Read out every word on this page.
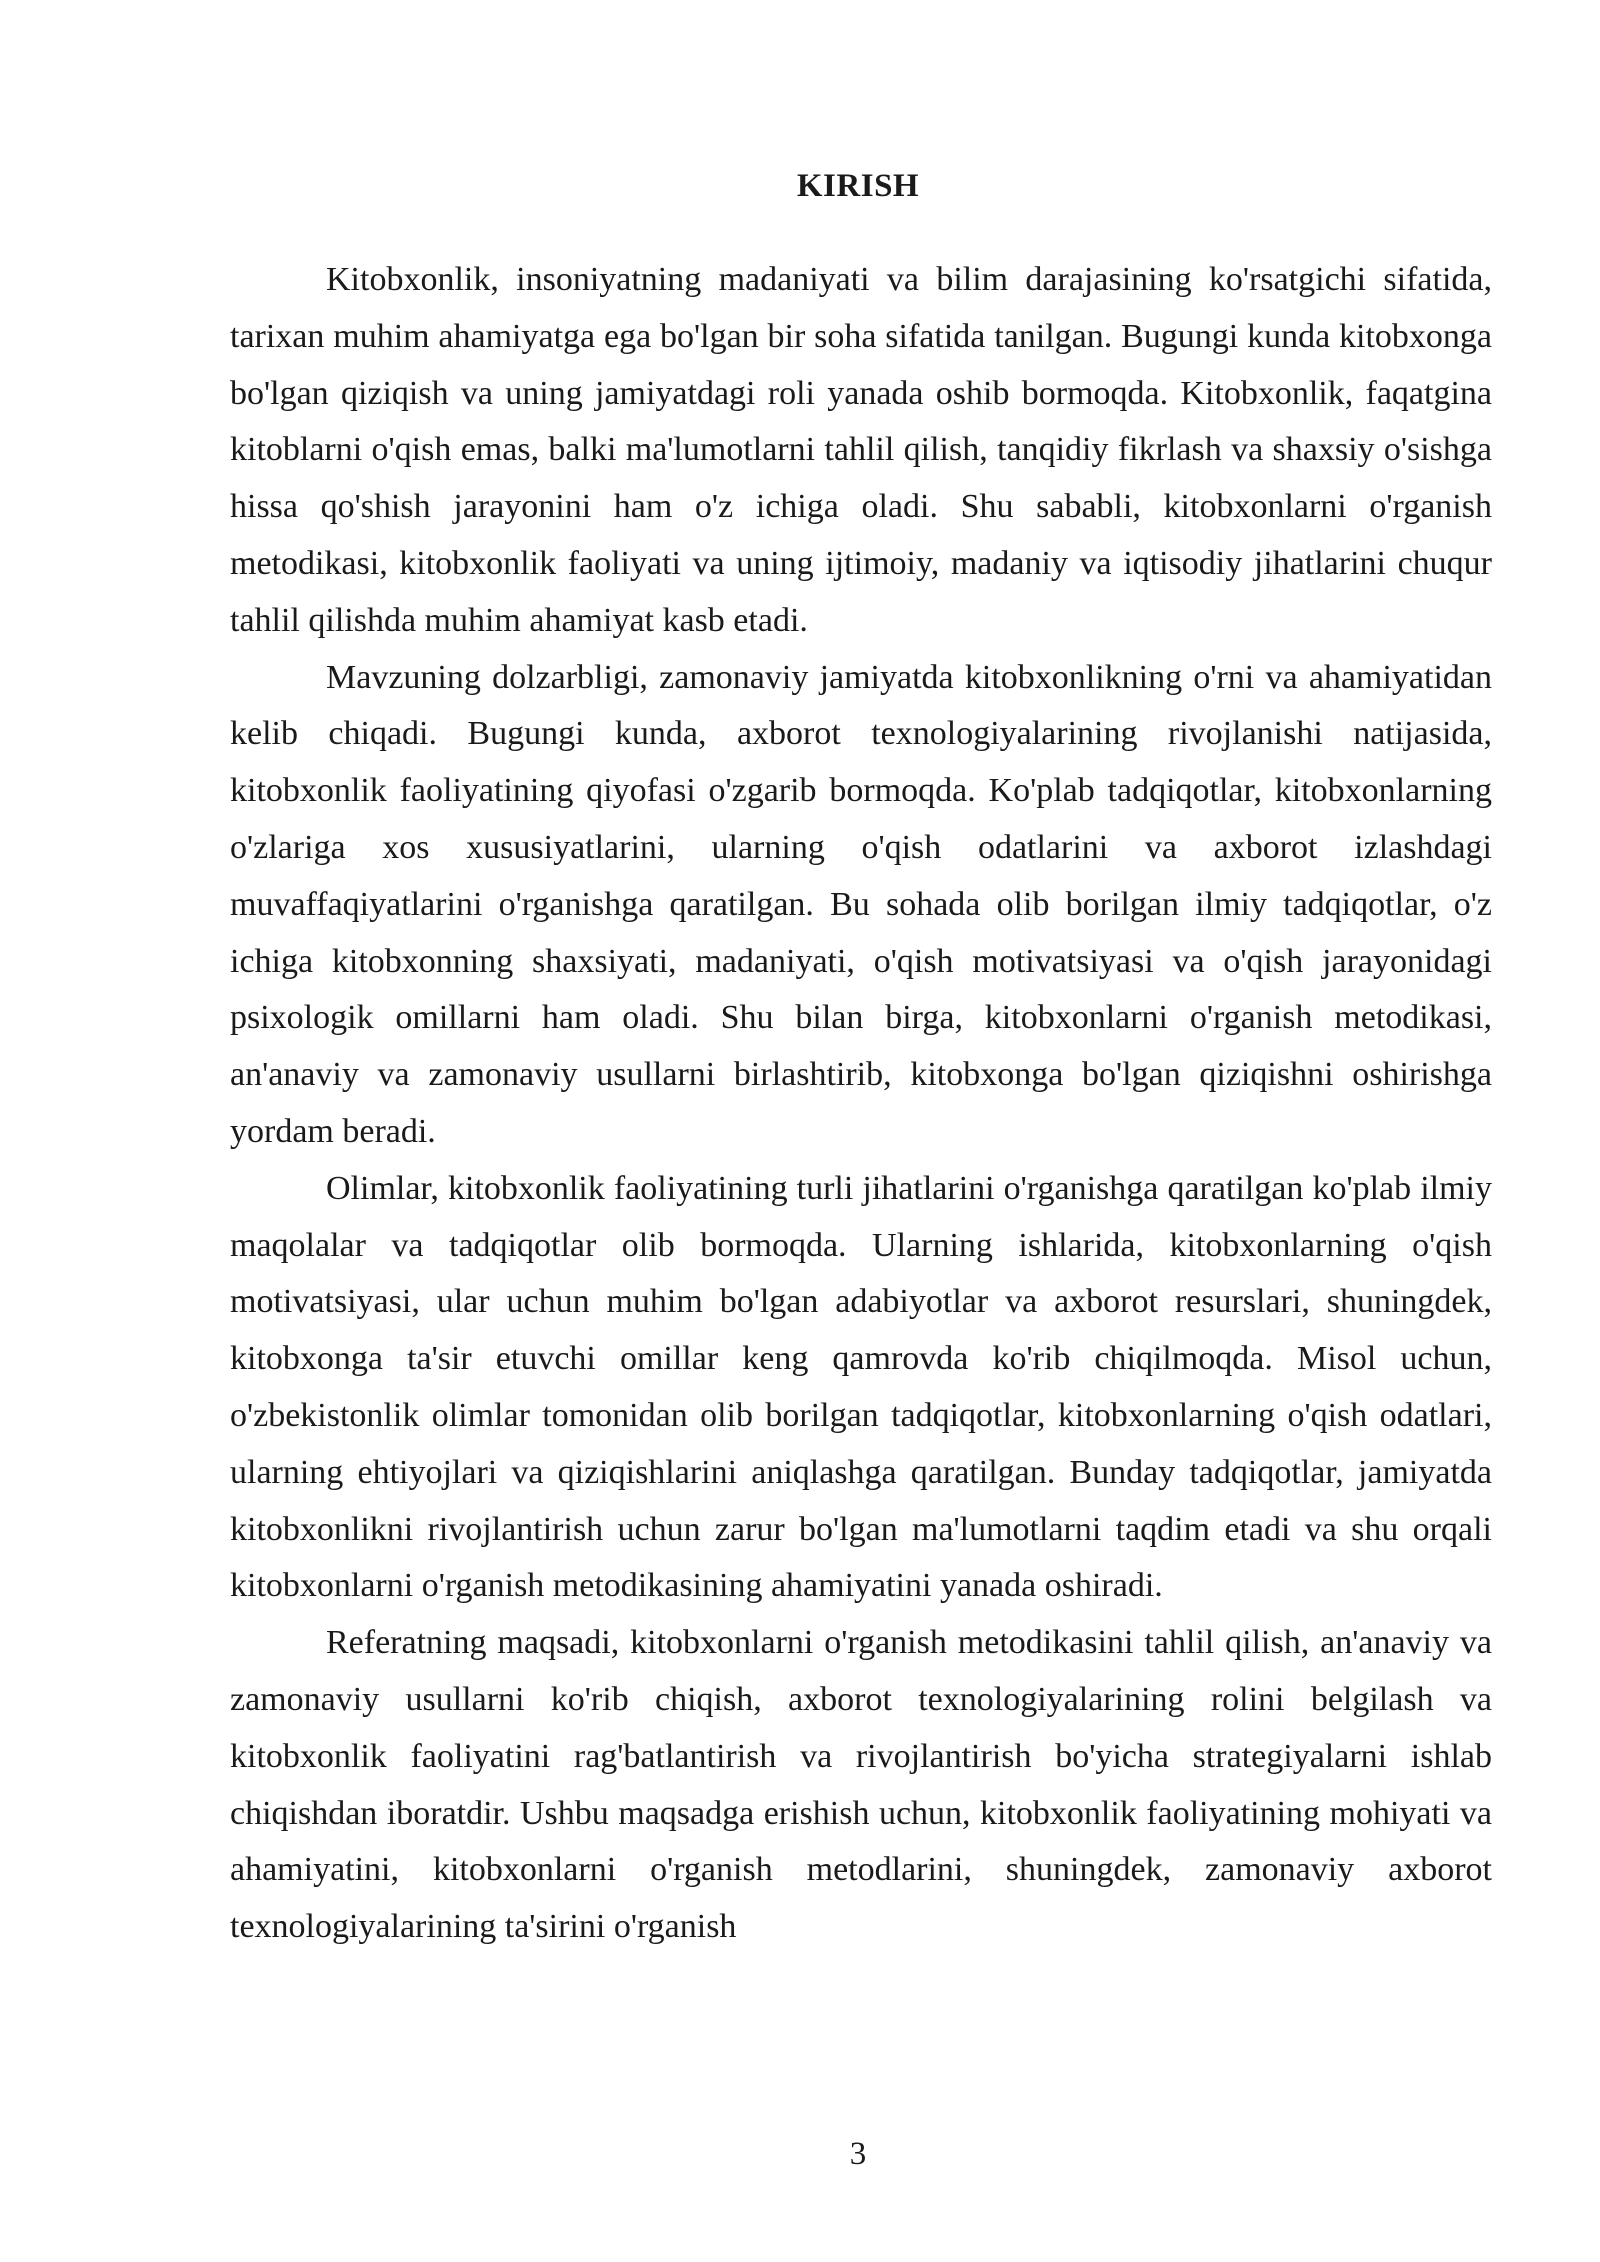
KIRISH

Kitobxonlik, insoniyatning madaniyati va bilim darajasining ko'rsatgichi sifatida, tarixan muhim ahamiyatga ega bo'lgan bir soha sifatida tanilgan. Bugungi kunda kitobxonga bo'lgan qiziqish va uning jamiyatdagi roli yanada oshib bormoqda. Kitobxonlik, faqatgina kitoblarni o'qish emas, balki ma'lumotlarni tahlil qilish, tanqidiy fikrlash va shaxsiy o'sishga hissa qo'shish jarayonini ham o'z ichiga oladi. Shu sababli, kitobxonlarni o'rganish metodikasi, kitobxonlik faoliyati va uning ijtimoiy, madaniy va iqtisodiy jihatlarini chuqur tahlil qilishda muhim ahamiyat kasb etadi.

Mavzuning dolzarbligi, zamonaviy jamiyatda kitobxonlikning o'rni va ahamiyatidan kelib chiqadi. Bugungi kunda, axborot texnologiyalarining rivojlanishi natijasida, kitobxonlik faoliyatining qiyofasi o'zgarib bormoqda. Ko'plab tadqiqotlar, kitobxonlarning o'zlariga xos xususiyatlarini, ularning o'qish odatlarini va axborot izlashdagi muvaffaqiyatlarini o'rganishga qaratilgan. Bu sohada olib borilgan ilmiy tadqiqotlar, o'z ichiga kitobxonning shaxsiyati, madaniyati, o'qish motivatsiyasi va o'qish jarayonidagi psixologik omillarni ham oladi. Shu bilan birga, kitobxonlarni o'rganish metodikasi, an'anaviy va zamonaviy usullarni birlashtirib, kitobxonga bo'lgan qiziqishni oshirishga yordam beradi.

Olimlar, kitobxonlik faoliyatining turli jihatlarini o'rganishga qaratilgan ko'plab ilmiy maqolalar va tadqiqotlar olib bormoqda. Ularning ishlarida, kitobxonlarning o'qish motivatsiyasi, ular uchun muhim bo'lgan adabiyotlar va axborot resurslari, shuningdek, kitobxonga ta'sir etuvchi omillar keng qamrovda ko'rib chiqilmoqda. Misol uchun, o'zbekistonlik olimlar tomonidan olib borilgan tadqiqotlar, kitobxonlarning o'qish odatlari, ularning ehtiyojlari va qiziqishlarini aniqlashga qaratilgan. Bunday tadqiqotlar, jamiyatda kitobxonlikni rivojlantirish uchun zarur bo'lgan ma'lumotlarni taqdim etadi va shu orqali kitobxonlarni o'rganish metodikasining ahamiyatini yanada oshiradi.

Referatning maqsadi, kitobxonlarni o'rganish metodikasini tahlil qilish, an'anaviy va zamonaviy usullarni ko'rib chiqish, axborot texnologiyalarining rolini belgilash va kitobxonlik faoliyatini rag'batlantirish va rivojlantirish bo'yicha strategiyalarni ishlab chiqishdan iboratdir. Ushbu maqsadga erishish uchun, kitobxonlik faoliyatining mohiyati va ahamiyatini, kitobxonlarni o'rganish metodlarini, shuningdek, zamonaviy axborot texnologiyalarining ta'sirini o'rganish

3
